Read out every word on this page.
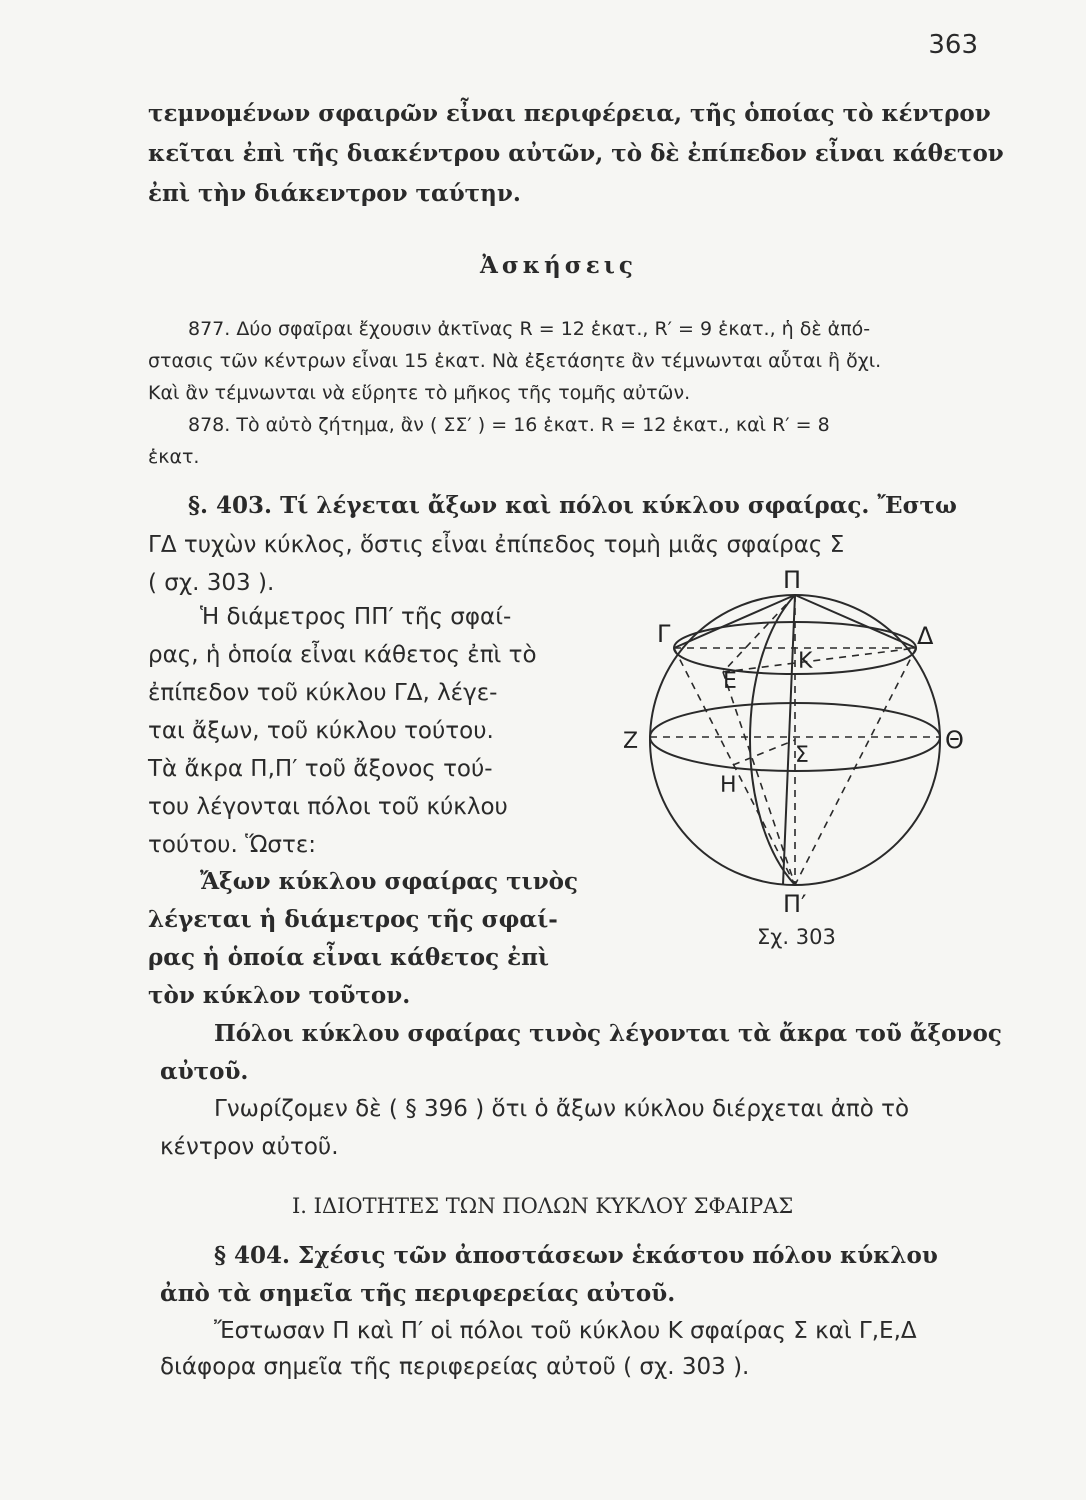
363
τεμνομένων σφαιρῶν εἶναι περιφέρεια, τῆς ὁποίας τὸ κέντρον
κεῖται ἐπὶ τῆς διακέντρου αὐτῶν, τὸ δὲ ἐπίπεδον εἶναι κάθετον
ἐπὶ τὴν διάκεντρον ταύτην.
Ἀσκήσεις
877. Δύο σφαῖραι ἔχουσιν ἀκτῖνας R = 12 ἑκατ., R′ = 9 ἑκατ., ἡ δὲ ἀπό-
στασις τῶν κέντρων εἶναι 15 ἑκατ. Νὰ ἐξετάσητε ἂν τέμνωνται αὗται ἢ ὄχι.
Καὶ ἂν τέμνωνται νὰ εὕρητε τὸ μῆκος τῆς τομῆς αὐτῶν.
878. Τὸ αὐτὸ ζήτημα, ἂν ( ΣΣ′ ) = 16 ἑκατ. R = 12 ἑκατ., καὶ R′ = 8
ἑκατ.
§. 403. Τί λέγεται ἄξων καὶ πόλοι κύκλου σφαίρας. Ἔστω
ΓΔ τυχὼν κύκλος, ὅστις εἶναι ἐπίπεδος τομὴ μιᾶς σφαίρας Σ
( σχ. 303 ).
Ἡ διάμετρος ΠΠ′ τῆς σφαί-
ρας, ἡ ὁποία εἶναι κάθετος ἐπὶ τὸ
ἐπίπεδον τοῦ κύκλου ΓΔ, λέγε-
ται ἄξων, τοῦ κύκλου τούτου.
Τὰ ἄκρα Π,Π′ τοῦ ἄξονος τού-
του λέγονται πόλοι τοῦ κύκλου
τούτου. Ὥστε:
Ἄξων κύκλου σφαίρας τινὸς
λέγεται ἡ διάμετρος τῆς σφαί-
ρας ἡ ὁποία εἶναι κάθετος ἐπὶ
τὸν κύκλον τοῦτον.
Πόλοι κύκλου σφαίρας τινὸς λέγονται τὰ ἄκρα τοῦ ἄξονος
αὐτοῦ.
Γνωρίζομεν δὲ ( § 396 ) ὅτι ὁ ἄξων κύκλου διέρχεται ἀπὸ τὸ
κέντρον αὐτοῦ.
Π
Π′
Γ	Δ
Κ
Ε
Ζ	Θ
Σ
Η
Σχ. 303
Ι. ΙΔΙΟΤΗΤΕΣ ΤΩΝ ΠΟΛΩΝ ΚΥΚΛΟΥ ΣΦΑΙΡΑΣ
§ 404. Σχέσις τῶν ἀποστάσεων ἑκάστου πόλου κύκλου
ἀπὸ τὰ σημεῖα τῆς περιφερείας αὐτοῦ.
Ἔστωσαν Π καὶ Π′ οἱ πόλοι τοῦ κύκλου Κ σφαίρας Σ καὶ Γ,Ε,Δ
διάφορα σημεῖα τῆς περιφερείας αὐτοῦ ( σχ. 303 ).
